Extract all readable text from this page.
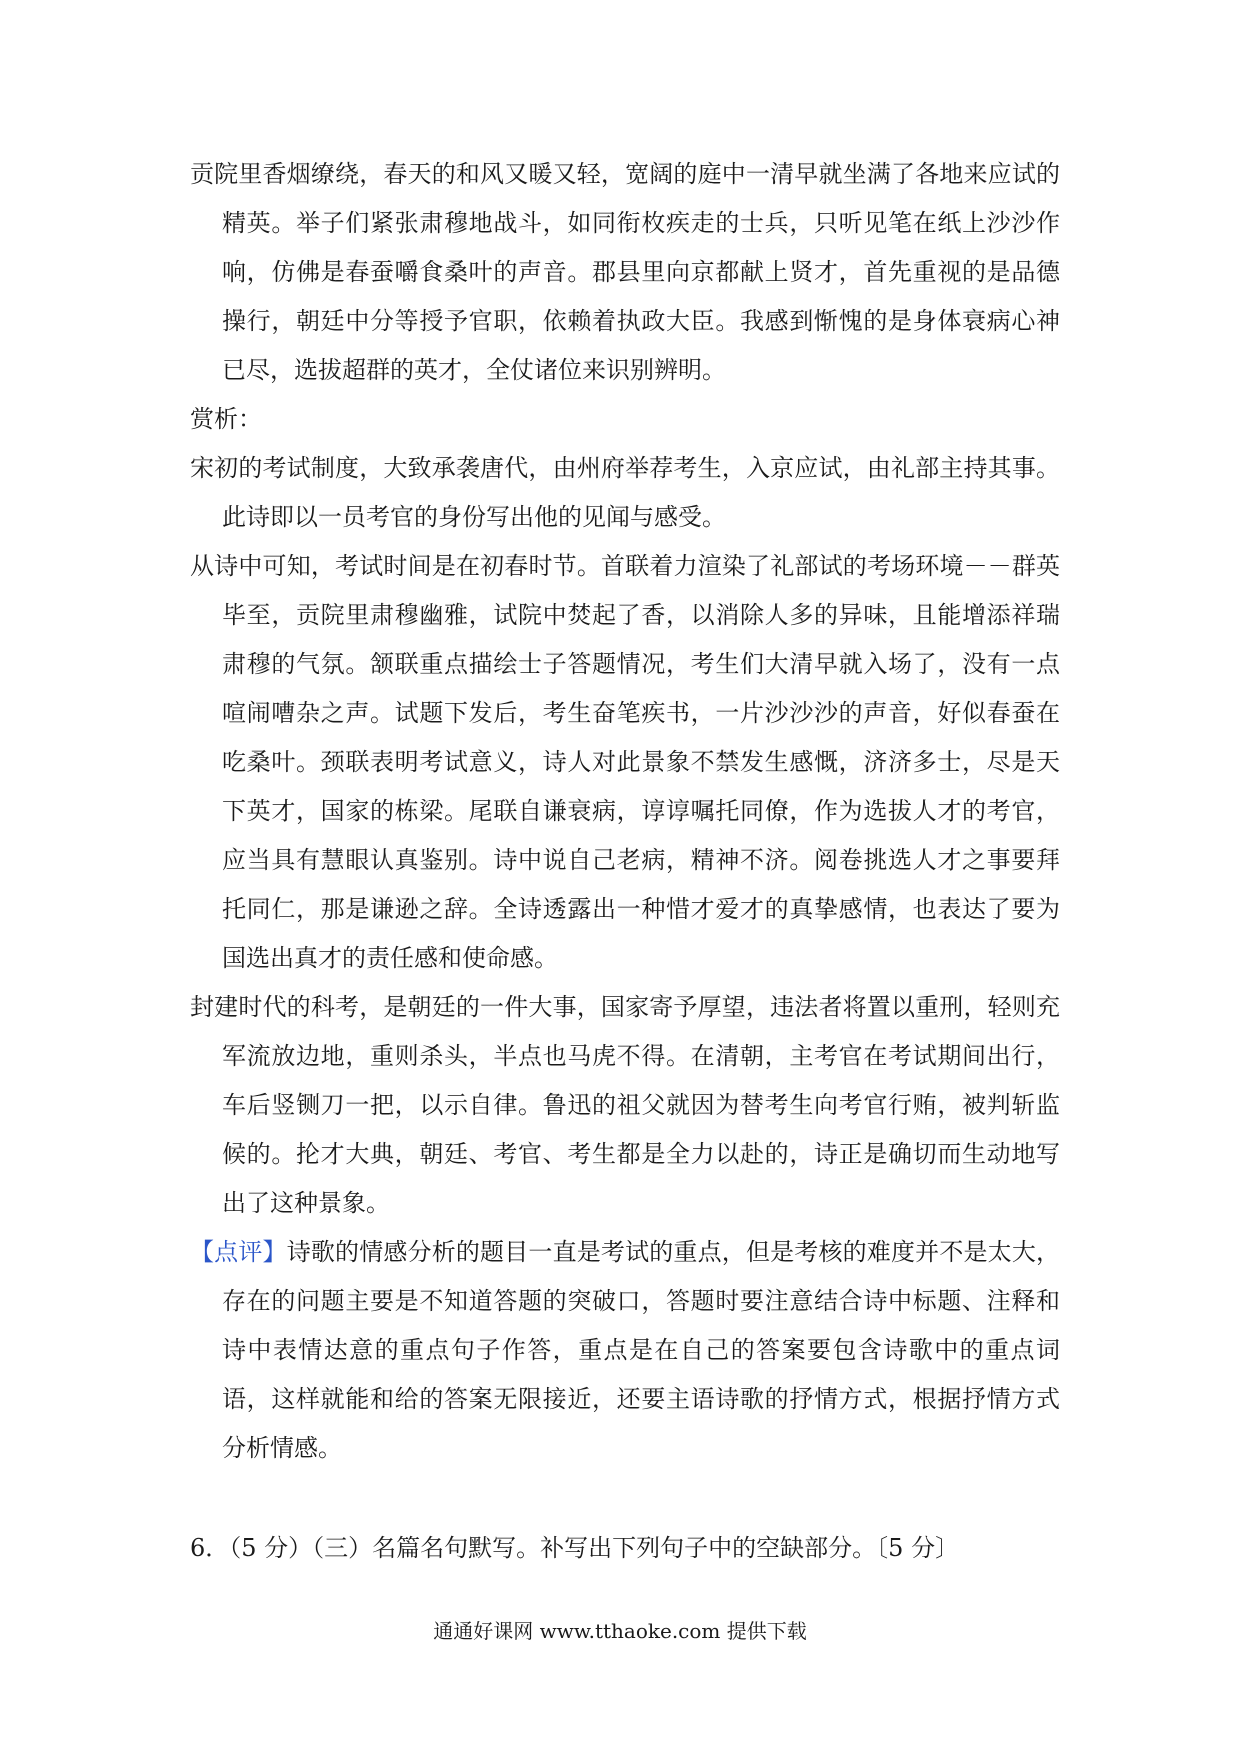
贡院里香烟缭绕，春天的和风又暖又轻，宽阔的庭中一清早就坐满了各地来应试的精英。举子们紧张肃穆地战斗，如同衔枚疾走的士兵，只听见笔在纸上沙沙作响，仿佛是春蚕嚼食桑叶的声音。郡县里向京都献上贤才，首先重视的是品德操行，朝廷中分等授予官职，依赖着执政大臣。我感到惭愧的是身体衰病心神已尽，选拔超群的英才，全仗诸位来识别辨明。

赏析：

宋初的考试制度，大致承袭唐代，由州府举荐考生，入京应试，由礼部主持其事。此诗即以一员考官的身份写出他的见闻与感受。

从诗中可知，考试时间是在初春时节。首联着力渲染了礼部试的考场环境－－群英毕至，贡院里肃穆幽雅，试院中焚起了香，以消除人多的异味，且能增添祥瑞肃穆的气氛。颔联重点描绘士子答题情况，考生们大清早就入场了，没有一点喧闹嘈杂之声。试题下发后，考生奋笔疾书，一片沙沙沙的声音，好似春蚕在吃桑叶。颈联表明考试意义，诗人对此景象不禁发生感慨，济济多士，尽是天下英才，国家的栋梁。尾联自谦衰病，谆谆嘱托同僚，作为选拔人才的考官，应当具有慧眼认真鉴别。诗中说自己老病，精神不济。阅卷挑选人才之事要拜托同仁，那是谦逊之辞。全诗透露出一种惜才爱才的真挚感情，也表达了要为国选出真才的责任感和使命感。

封建时代的科考，是朝廷的一件大事，国家寄予厚望，违法者将置以重刑，轻则充军流放边地，重则杀头，半点也马虎不得。在清朝，主考官在考试期间出行，车后竖铡刀一把，以示自律。鲁迅的祖父就因为替考生向考官行贿，被判斩监候的。抡才大典，朝廷、考官、考生都是全力以赴的，诗正是确切而生动地写出了这种景象。

【点评】诗歌的情感分析的题目一直是考试的重点，但是考核的难度并不是太大，存在的问题主要是不知道答题的突破口，答题时要注意结合诗中标题、注释和诗中表情达意的重点句子作答，重点是在自己的答案要包含诗歌中的重点词语，这样就能和给的答案无限接近，还要主语诗歌的抒情方式，根据抒情方式分析情感。

6．（5 分）（三）名篇名句默写。补写出下列句子中的空缺部分。〔5 分〕

通通好课网 www.tthaoke.com 提供下载
